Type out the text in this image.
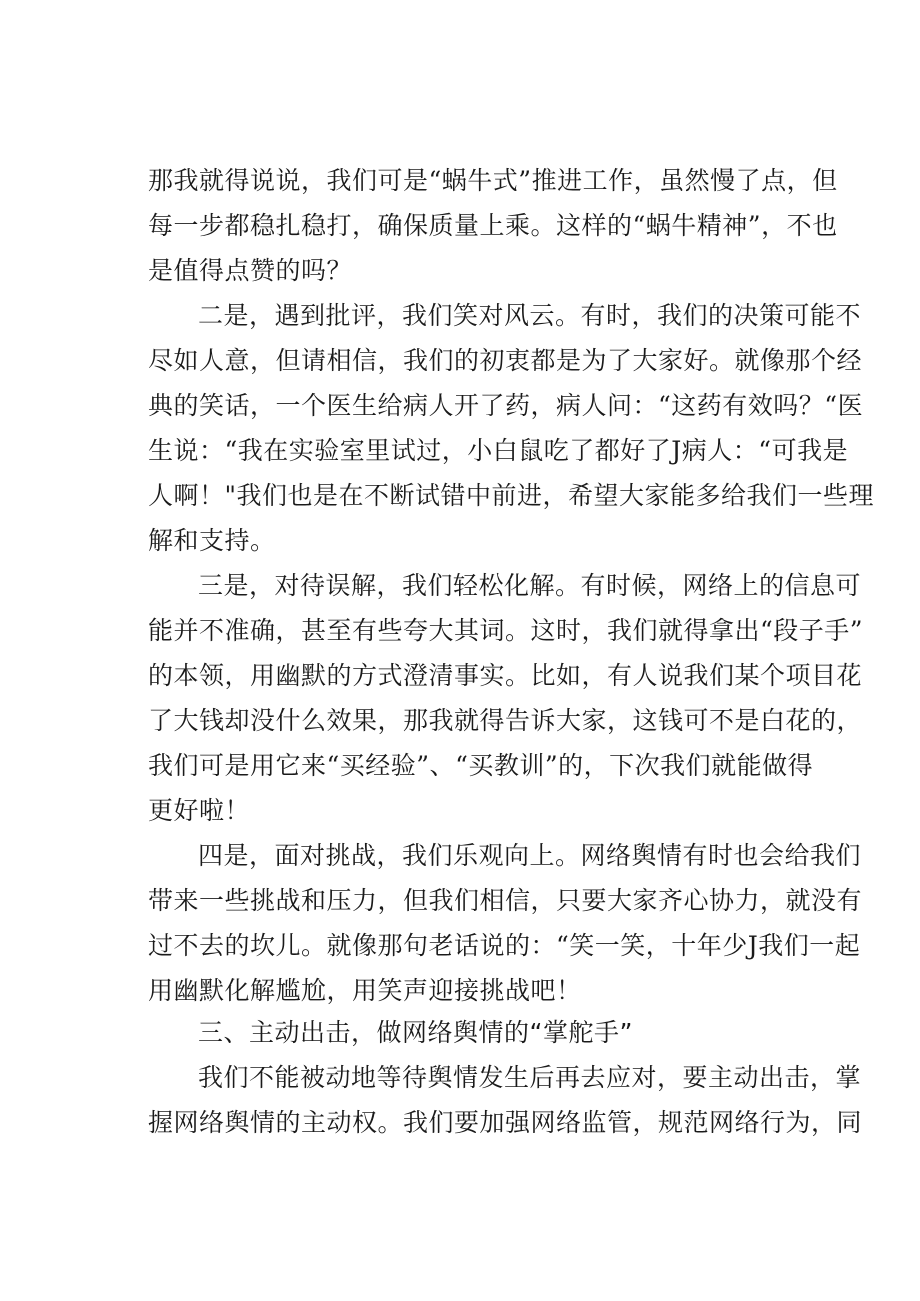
那我就得说说，我们可是“蜗牛式”推进工作，虽然慢了点，但
每一步都稳扎稳打，确保质量上乘。这样的“蜗牛精神”，不也
是值得点赞的吗？
二是，遇到批评，我们笑对风云。有时，我们的决策可能不
尽如人意，但请相信，我们的初衷都是为了大家好。就像那个经
典的笑话，一个医生给病人开了药，病人问：“这药有效吗？“医
生说：“我在实验室里试过，小白鼠吃了都好了J病人：“可我是
人啊！"我们也是在不断试错中前进，希望大家能多给我们一些理
解和支持。
三是，对待误解，我们轻松化解。有时候，网络上的信息可
能并不准确，甚至有些夸大其词。这时，我们就得拿出“段子手”
的本领，用幽默的方式澄清事实。比如，有人说我们某个项目花
了大钱却没什么效果，那我就得告诉大家，这钱可不是白花的，
我们可是用它来“买经验”、“买教训”的，下次我们就能做得
更好啦！
四是，面对挑战，我们乐观向上。网络舆情有时也会给我们
带来一些挑战和压力，但我们相信，只要大家齐心协力，就没有
过不去的坎儿。就像那句老话说的：“笑一笑，十年少J我们一起
用幽默化解尴尬，用笑声迎接挑战吧！
三、主动出击，做网络舆情的“掌舵手”
我们不能被动地等待舆情发生后再去应对，要主动出击，掌
握网络舆情的主动权。我们要加强网络监管，规范网络行为，同
